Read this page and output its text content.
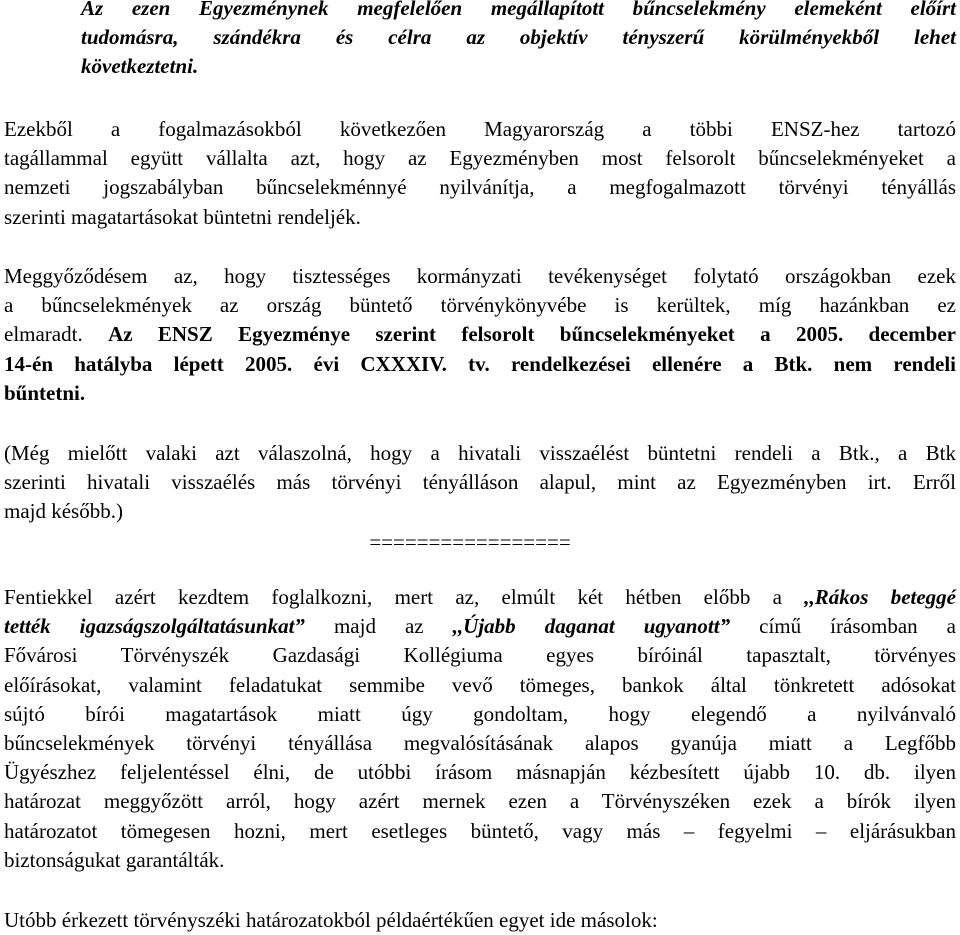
Az ezen Egyezménynek megfelelően megállapított bűncselekmény elemeként előírt
tudomásra, szándékra és célra az objektív tényszerű körülményekből lehet
következtetni.
Ezekből a fogalmazásokból következően Magyarország a többi ENSZ-hez tartozó
tagállammal együtt vállalta azt, hogy az Egyezményben most felsorolt bűncselekményeket a
nemzeti jogszabályban bűncselekménnyé nyilvánítja, a megfogalmazott törvényi tényállás
szerinti magatartásokat büntetni rendeljék.
Meggyőződésem az, hogy tisztességes kormányzati tevékenységet folytató országokban ezek
a bűncselekmények az ország büntető törvénykönyvébe is kerültek, míg hazánkban ez
elmaradt. Az ENSZ Egyezménye szerint felsorolt bűncselekményeket a 2005. december
14-én hatályba lépett 2005. évi CXXXIV. tv. rendelkezései ellenére a Btk. nem rendeli
bűntetni.
(Még mielőtt valaki azt válaszolná, hogy a hivatali visszaélést büntetni rendeli a Btk., a Btk
szerinti hivatali visszaélés más törvényi tényálláson alapul, mint az Egyezményben irt. Erről
majd később.)
=================
Fentiekkel azért kezdtem foglalkozni, mert az, elmúlt két hétben előbb a ,,Rákos beteggé
tették igazságszolgáltatásunkat” majd az ,,Újabb daganat ugyanott” című írásomban a
Fővárosi Törvényszék Gazdasági Kollégiuma egyes bíróinál tapasztalt, törvényes
előírásokat, valamint feladatukat semmibe vevő tömeges, bankok által tönkretett adósokat
sújtó bírói magatartások miatt úgy gondoltam, hogy elegendő a nyilvánvaló
bűncselekmények törvényi tényállása megvalósításának alapos gyanúja miatt a Legfőbb
Ügyészhez feljelentéssel élni, de utóbbi írásom másnapján kézbesített újabb 10. db. ilyen
határozat meggyőzött arról, hogy azért mernek ezen a Törvényszéken ezek a bírók ilyen
határozatot tömegesen hozni, mert esetleges büntető, vagy más – fegyelmi – eljárásukban
biztonságukat garantálták.
Utóbb érkezett törvényszéki határozatokból példaértékűen egyet ide másolok:
